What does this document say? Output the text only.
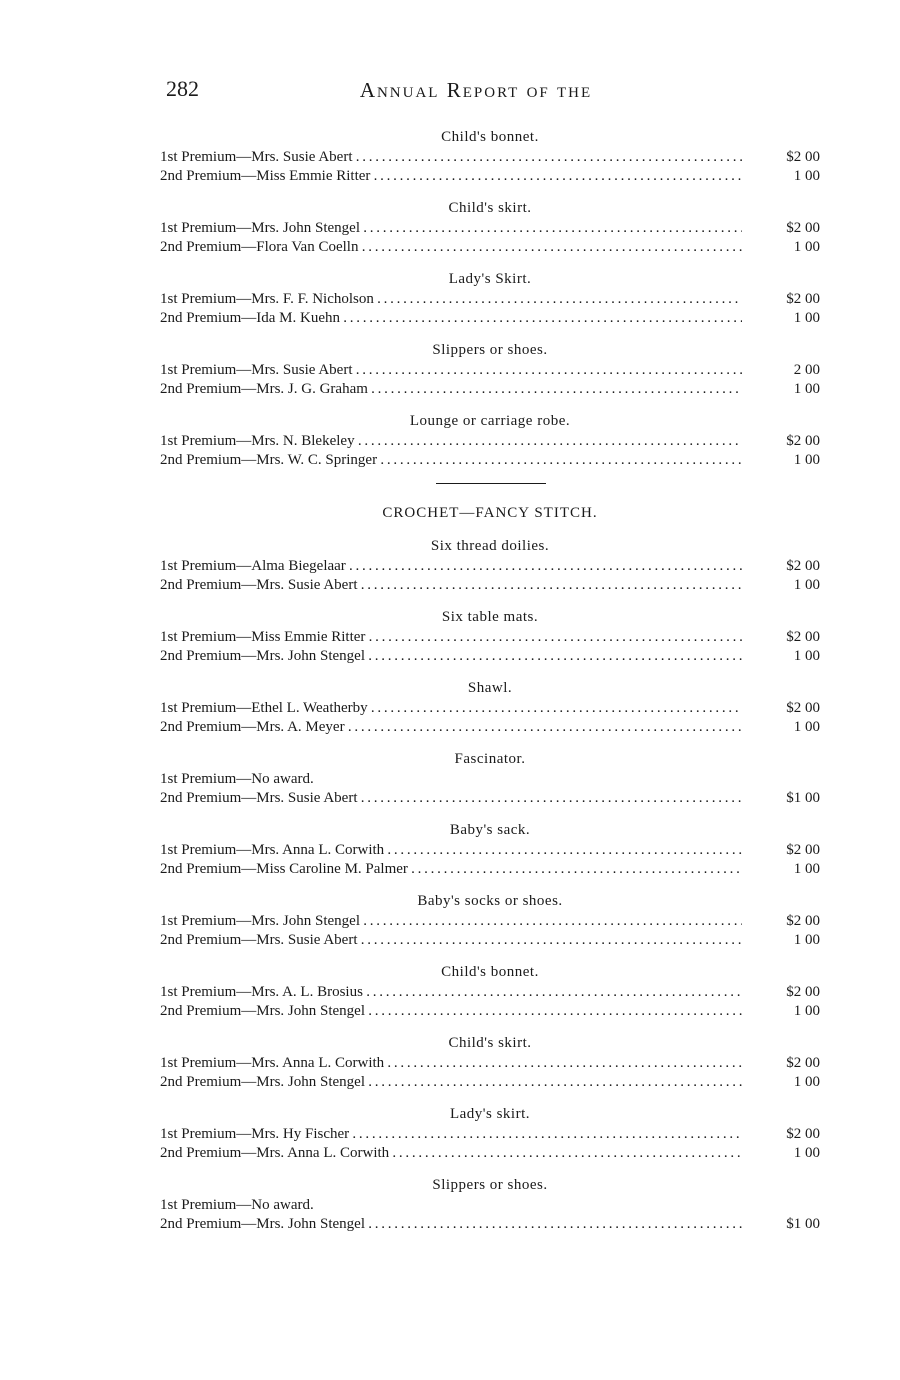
282	Annual Report of the
Child's bonnet.
1st Premium—Mrs. Susie Abert . . .	$2 00
2nd Premium—Miss Emmie Ritter . . .	1 00
Child's skirt.
1st Premium—Mrs. John Stengel . . .	$2 00
2nd Premium—Flora Van Coelln . . .	1 00
Lady's Skirt.
1st Premium—Mrs. F. F. Nicholson . . .	$2 00
2nd Premium—Ida M. Kuehn . . .	1 00
Slippers or shoes.
1st Premium—Mrs. Susie Abert . . .	2 00
2nd Premium—Mrs. J. G. Graham . . .	1 00
Lounge or carriage robe.
1st Premium—Mrs. N. Blekeley . . .	$2 00
2nd Premium—Mrs. W. C. Springer . . .	1 00
CROCHET—FANCY STITCH.
Six thread doilies.
1st Premium—Alma Biegelaar . . .	$2 00
2nd Premium—Mrs. Susie Abert . . .	1 00
Six table mats.
1st Premium—Miss Emmie Ritter . . .	$2 00
2nd Premium—Mrs. John Stengel . . .	1 00
Shawl.
1st Premium—Ethel L. Weatherby . . .	$2 00
2nd Premium—Mrs. A. Meyer . . .	1 00
Fascinator.
1st Premium—No award.
2nd Premium—Mrs. Susie Abert . . .	$1 00
Baby's sack.
1st Premium—Mrs. Anna L. Corwith . . .	$2 00
2nd Premium—Miss Caroline M. Palmer . . .	1 00
Baby's socks or shoes.
1st Premium—Mrs. John Stengel . . .	$2 00
2nd Premium—Mrs. Susie Abert . . .	1 00
Child's bonnet.
1st Premium—Mrs. A. L. Brosius . . .	$2 00
2nd Premium—Mrs. John Stengel . . .	1 00
Child's skirt.
1st Premium—Mrs. Anna L. Corwith . . .	$2 00
2nd Premium—Mrs. John Stengel . . .	1 00
Lady's skirt.
1st Premium—Mrs. Hy Fischer . . .	$2 00
2nd Premium—Mrs. Anna L. Corwith . . .	1 00
Slippers or shoes.
1st Premium—No award.
2nd Premium—Mrs. John Stengel . . .	$1 00
